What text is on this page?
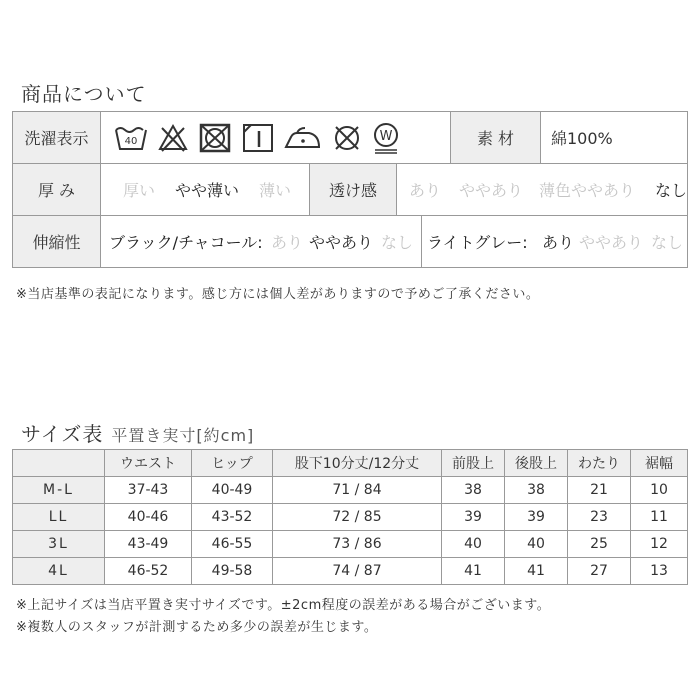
商品について
洗濯表示	40	W	素 材	綿100%
厚 み	厚い やや薄い 薄い	透け感	あり ややあり 薄色ややあり なし
伸縮性	ブラック/チャコール: あり ややあり なし ライトグレー: あり ややあり なし
※当店基準の表記になります。感じ方には個人差がありますので予めご了承ください。
サイズ表 平置き実寸[約cm]
	ウエスト	ヒップ	股下10分丈/12分丈	前股上	後股上	わたり	裾幅
M-L	37-43	40-49	71 / 84	38	38	21	10
LL	40-46	43-52	72 / 85	39	39	23	11
3L	43-49	46-55	73 / 86	40	40	25	12
4L	46-52	49-58	74 / 87	41	41	27	13
※上記サイズは当店平置き実寸サイズです。±2cm程度の誤差がある場合がございます。
※複数人のスタッフが計測するため多少の誤差が生じます。
